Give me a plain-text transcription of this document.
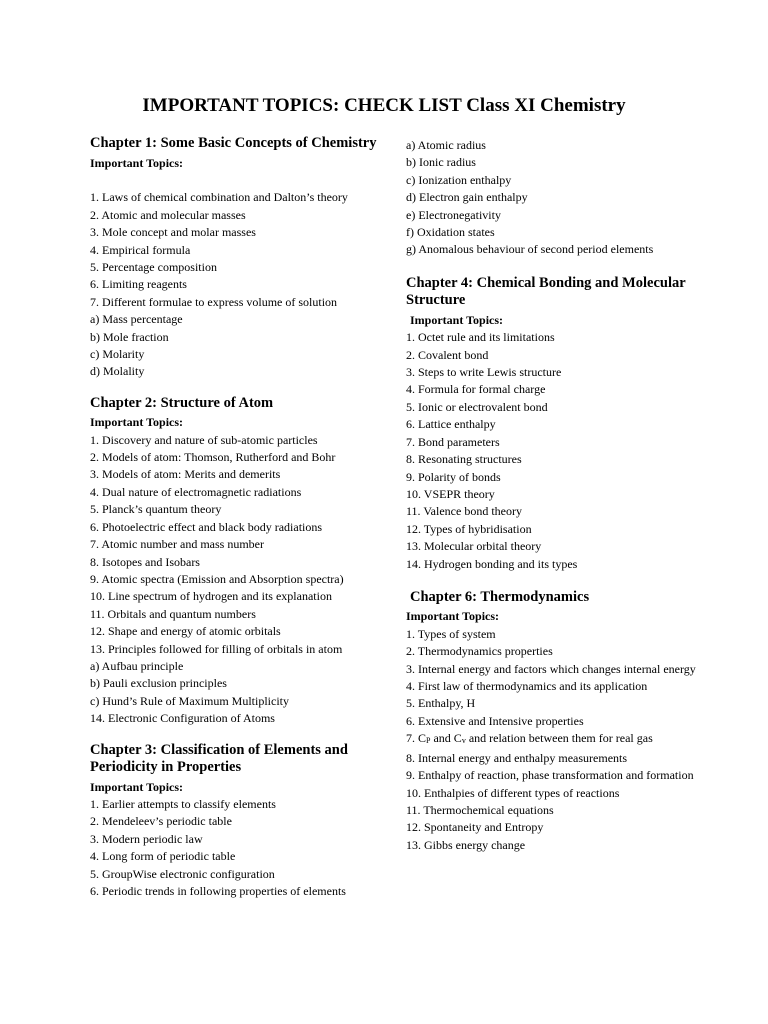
IMPORTANT TOPICS: CHECK LIST Class XI Chemistry
Chapter 1: Some Basic Concepts of Chemistry
Important Topics:
1. Laws of chemical combination and Dalton’s theory
2. Atomic and molecular masses
3. Mole concept and molar masses
4. Empirical formula
5. Percentage composition
6. Limiting reagents
7. Different formulae to express volume of solution
a) Mass percentage
b) Mole fraction
c) Molarity
d) Molality
Chapter 2: Structure of Atom
Important Topics:
1. Discovery and nature of sub-atomic particles
2. Models of atom: Thomson, Rutherford and Bohr
3. Models of atom: Merits and demerits
4. Dual nature of electromagnetic radiations
5. Planck’s quantum theory
6. Photoelectric effect and black body radiations
7. Atomic number and mass number
8. Isotopes and Isobars
9. Atomic spectra (Emission and Absorption spectra)
10. Line spectrum of hydrogen and its explanation
11. Orbitals and quantum numbers
12. Shape and energy of atomic orbitals
13. Principles followed for filling of orbitals in atom
a) Aufbau principle
b) Pauli exclusion principles
c) Hund’s Rule of Maximum Multiplicity
14. Electronic Configuration of Atoms
Chapter 3: Classification of Elements and Periodicity in Properties
Important Topics:
1. Earlier attempts to classify elements
2. Mendeleev’s periodic table
3. Modern periodic law
4. Long form of periodic table
5. GroupWise electronic configuration
6. Periodic trends in following properties of elements
a) Atomic radius
b) Ionic radius
c) Ionization enthalpy
d) Electron gain enthalpy
e) Electronegativity
f) Oxidation states
g) Anomalous behaviour of second period elements
Chapter 4: Chemical Bonding and Molecular Structure
Important Topics:
1. Octet rule and its limitations
2. Covalent bond
3. Steps to write Lewis structure
4. Formula for formal charge
5. Ionic or electrovalent bond
6. Lattice enthalpy
7. Bond parameters
8. Resonating structures
9. Polarity of bonds
10. VSEPR theory
11. Valence bond theory
12. Types of hybridisation
13. Molecular orbital theory
14. Hydrogen bonding and its types
Chapter 6: Thermodynamics
Important Topics:
1. Types of system
2. Thermodynamics properties
3. Internal energy and factors which changes internal energy
4. First law of thermodynamics and its application
5. Enthalpy, H
6. Extensive and Intensive properties
7. $C_P$ and $C_v$ and relation between them for real gas
8. Internal energy and enthalpy measurements
9. Enthalpy of reaction, phase transformation and formation
10. Enthalpies of different types of reactions
11. Thermochemical equations
12. Spontaneity and Entropy
13. Gibbs energy change
